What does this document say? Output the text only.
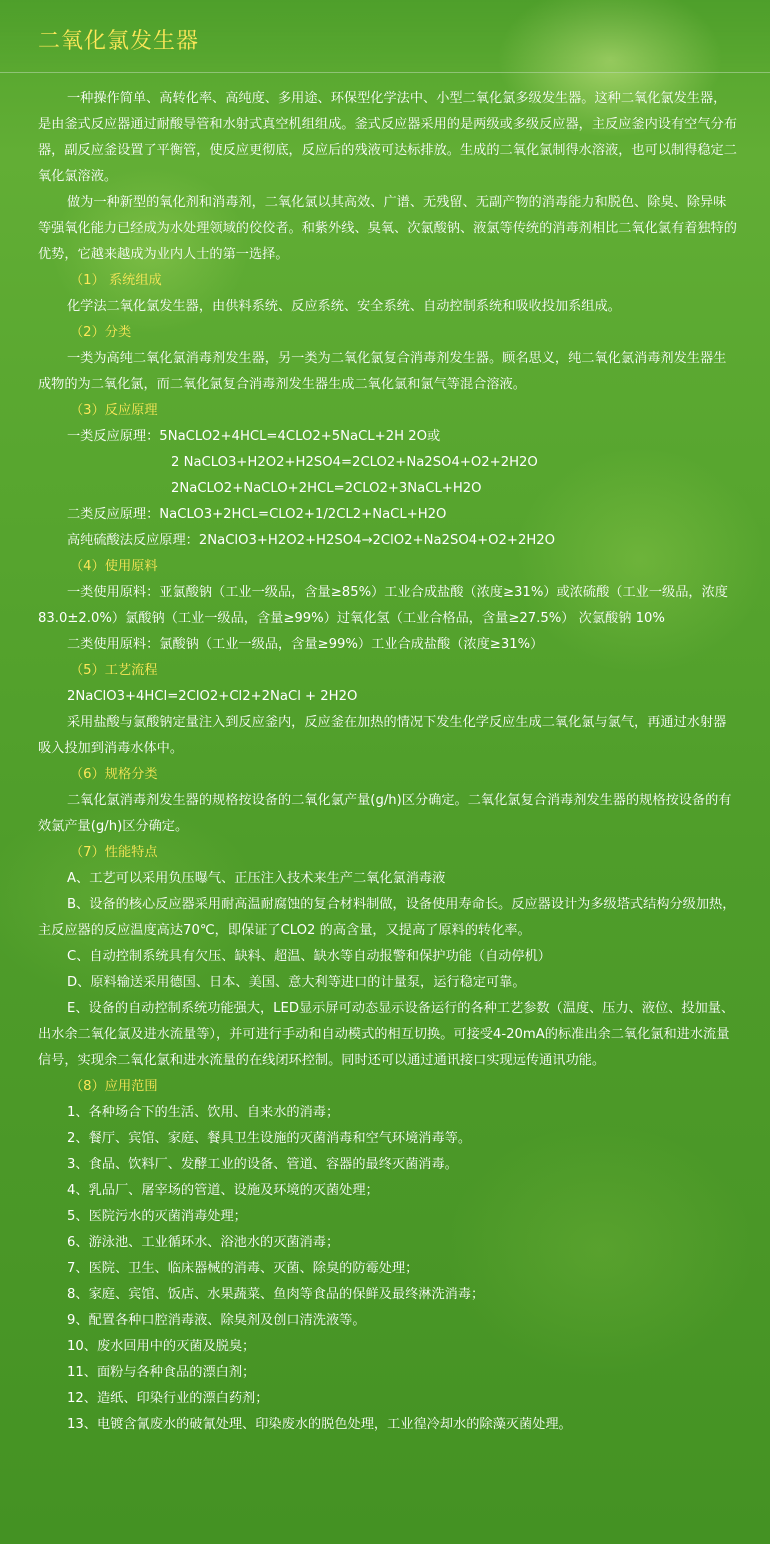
二氧化氯发生器

一种操作简单、高转化率、高纯度、多用途、环保型化学法中、小型二氧化氯多级发生器。这种二氧化氯发生器，是由釜式反应器通过耐酸导管和水射式真空机组组成。釜式反应器采用的是两级或多级反应器，主反应釜内设有空气分布器，副反应釜设置了平衡管，使反应更彻底，反应后的残液可达标排放。生成的二氧化氯制得水溶液，也可以制得稳定二氧化氯溶液。

做为一种新型的氧化剂和消毒剂，二氧化氯以其高效、广谱、无残留、无副产物的消毒能力和脱色、除臭、除异味等强氧化能力已经成为水处理领域的佼佼者。和紫外线、臭氧、次氯酸钠、液氯等传统的消毒剂相比二氧化氯有着独特的优势，它越来越成为业内人士的第一选择。

（1） 系统组成

化学法二氧化氯发生器，由供料系统、反应系统、安全系统、自动控制系统和吸收投加系组成。

（2）分类

一类为高纯二氧化氯消毒剂发生器，另一类为二氧化氯复合消毒剂发生器。顾名思义，纯二氧化氯消毒剂发生器生成物的为二氧化氯，而二氧化氯复合消毒剂发生器生成二氧化氯和氯气等混合溶液。

（3）反应原理

一类反应原理：5NaCLO2+4HCL=4CLO2+5NaCL+2H 2O或

2 NaCLO3+H2O2+H2SO4=2CLO2+Na2SO4+O2+2H2O

2NaCLO2+NaCLO+2HCL=2CLO2+3NaCL+H2O

二类反应原理：NaCLO3+2HCL=CLO2+1/2CL2+NaCL+H2O

高纯硫酸法反应原理：2NaClO3+H2O2+H2SO4→2ClO2+Na2SO4+O2+2H2O

（4）使用原料

一类使用原料：亚氯酸钠（工业一级品，含量≥85%）工业合成盐酸（浓度≥31%）或浓硫酸（工业一级品，浓度83.0±2.0%）氯酸钠（工业一级品，含量≥99%）过氧化氢（工业合格品，含量≥27.5%） 次氯酸钠 10%

二类使用原料：氯酸钠（工业一级品，含量≥99%）工业合成盐酸（浓度≥31%）

（5）工艺流程

2NaClO3+4HCl=2ClO2+Cl2+2NaCl + 2H2O

采用盐酸与氯酸钠定量注入到反应釜内，反应釜在加热的情况下发生化学反应生成二氧化氯与氯气，再通过水射器吸入投加到消毒水体中。

（6）规格分类

二氧化氯消毒剂发生器的规格按设备的二氧化氯产量(g/h)区分确定。二氧化氯复合消毒剂发生器的规格按设备的有效氯产量(g/h)区分确定。

（7）性能特点

A、工艺可以采用负压曝气、正压注入技术来生产二氧化氯消毒液

B、设备的核心反应器采用耐高温耐腐蚀的复合材料制做，设备使用寿命长。反应器设计为多级塔式结构分级加热，主反应器的反应温度高达70℃，即保证了CLO2 的高含量，又提高了原料的转化率。

C、自动控制系统具有欠压、缺料、超温、缺水等自动报警和保护功能（自动停机）

D、原料输送采用德国、日本、美国、意大利等进口的计量泵，运行稳定可靠。

E、设备的自动控制系统功能强大，LED显示屏可动态显示设备运行的各种工艺参数（温度、压力、液位、投加量、出水余二氧化氯及进水流量等），并可进行手动和自动模式的相互切换。可接受4-20mA的标准出余二氧化氯和进水流量信号，实现余二氧化氯和进水流量的在线闭环控制。同时还可以通过通讯接口实现远传通讯功能。

（8）应用范围

1、各种场合下的生活、饮用、自来水的消毒；

2、餐厅、宾馆、家庭、餐具卫生设施的灭菌消毒和空气环境消毒等。

3、食品、饮料厂、发酵工业的设备、管道、容器的最终灭菌消毒。

4、乳品厂、屠宰场的管道、设施及环境的灭菌处理；

5、医院污水的灭菌消毒处理；

6、游泳池、工业循环水、浴池水的灭菌消毒；

7、医院、卫生、临床器械的消毒、灭菌、除臭的防霉处理；

8、家庭、宾馆、饭店、水果蔬菜、鱼肉等食品的保鲜及最终淋洗消毒；

9、配置各种口腔消毒液、除臭剂及创口清洗液等。

10、废水回用中的灭菌及脱臭；

11、面粉与各种食品的漂白剂；

12、造纸、印染行业的漂白药剂；

13、电镀含氰废水的破氰处理、印染废水的脱色处理，工业徨冷却水的除藻灭菌处理。
